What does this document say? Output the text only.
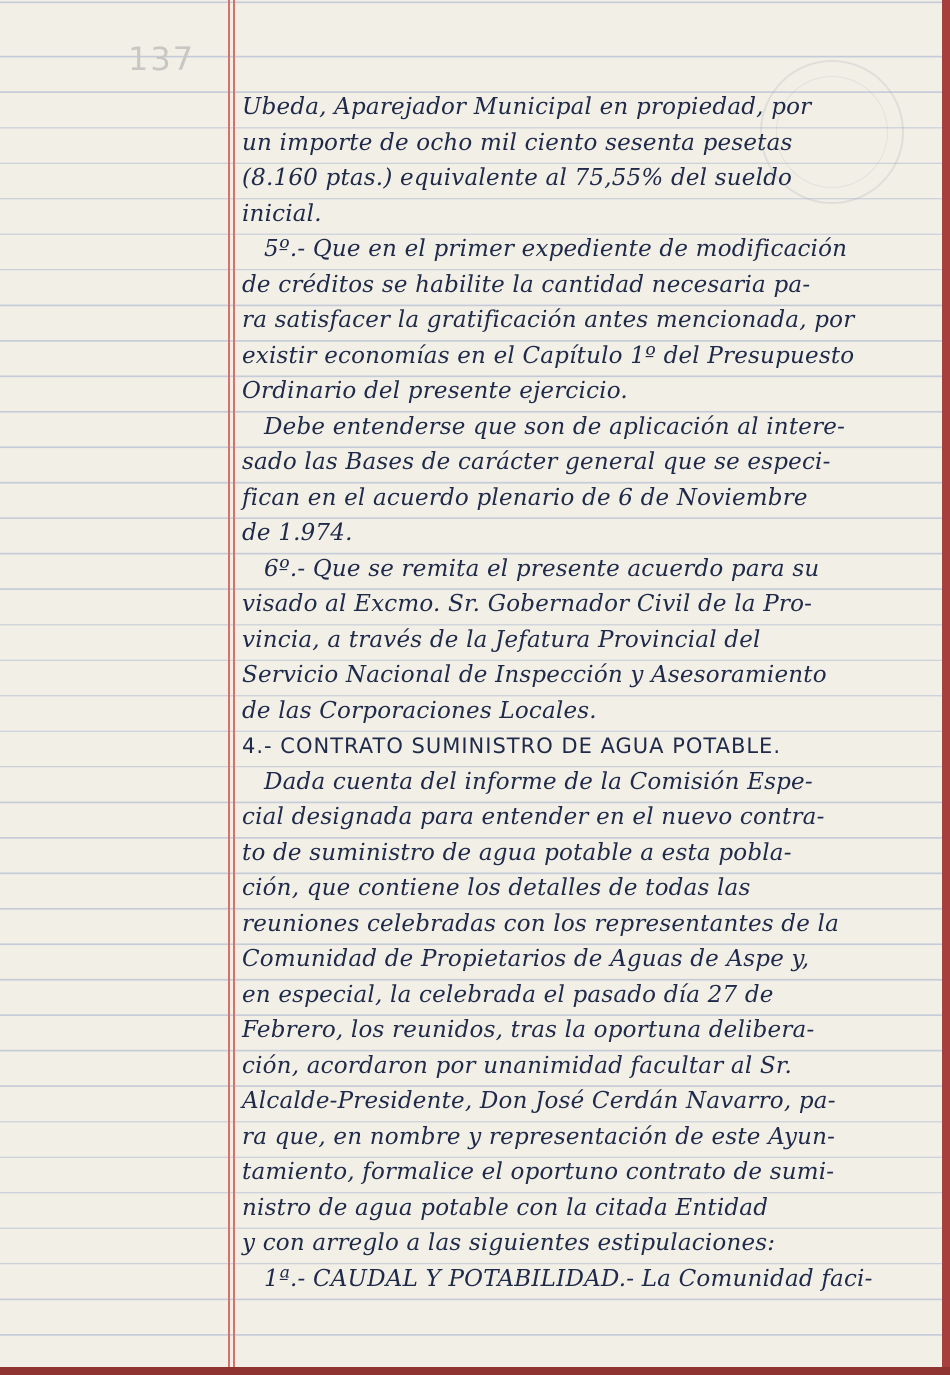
137
Ubeda, Aparejador Municipal en propiedad, por
un importe de ocho mil ciento sesenta pesetas
(8.160 ptas.) equivalente al 75,55% del sueldo
inicial.
5º.- Que en el primer expediente de modificación
de créditos se habilite la cantidad necesaria pa-
ra satisfacer la gratificación antes mencionada, por
existir economías en el Capítulo 1º del Presupuesto
Ordinario del presente ejercicio.
Debe entenderse que son de aplicación al intere-
sado las Bases de carácter general que se especi-
fican en el acuerdo plenario de 6 de Noviembre
de 1.974.
6º.- Que se remita el presente acuerdo para su
visado al Excmo. Sr. Gobernador Civil de la Pro-
vincia, a través de la Jefatura Provincial del
Servicio Nacional de Inspección y Asesoramiento
de las Corporaciones Locales.
4.- CONTRATO SUMINISTRO DE AGUA POTABLE.
Dada cuenta del informe de la Comisión Espe-
cial designada para entender en el nuevo contra-
to de suministro de agua potable a esta pobla-
ción, que contiene los detalles de todas las
reuniones celebradas con los representantes de la
Comunidad de Propietarios de Aguas de Aspe y,
en especial, la celebrada el pasado día 27 de
Febrero, los reunidos, tras la oportuna delibera-
ción, acordaron por unanimidad facultar al Sr.
Alcalde-Presidente, Don José Cerdán Navarro, pa-
ra que, en nombre y representación de este Ayun-
tamiento, formalice el oportuno contrato de sumi-
nistro de agua potable con la citada Entidad
y con arreglo a las siguientes estipulaciones:
1ª.- CAUDAL Y POTABILIDAD.- La Comunidad faci-
